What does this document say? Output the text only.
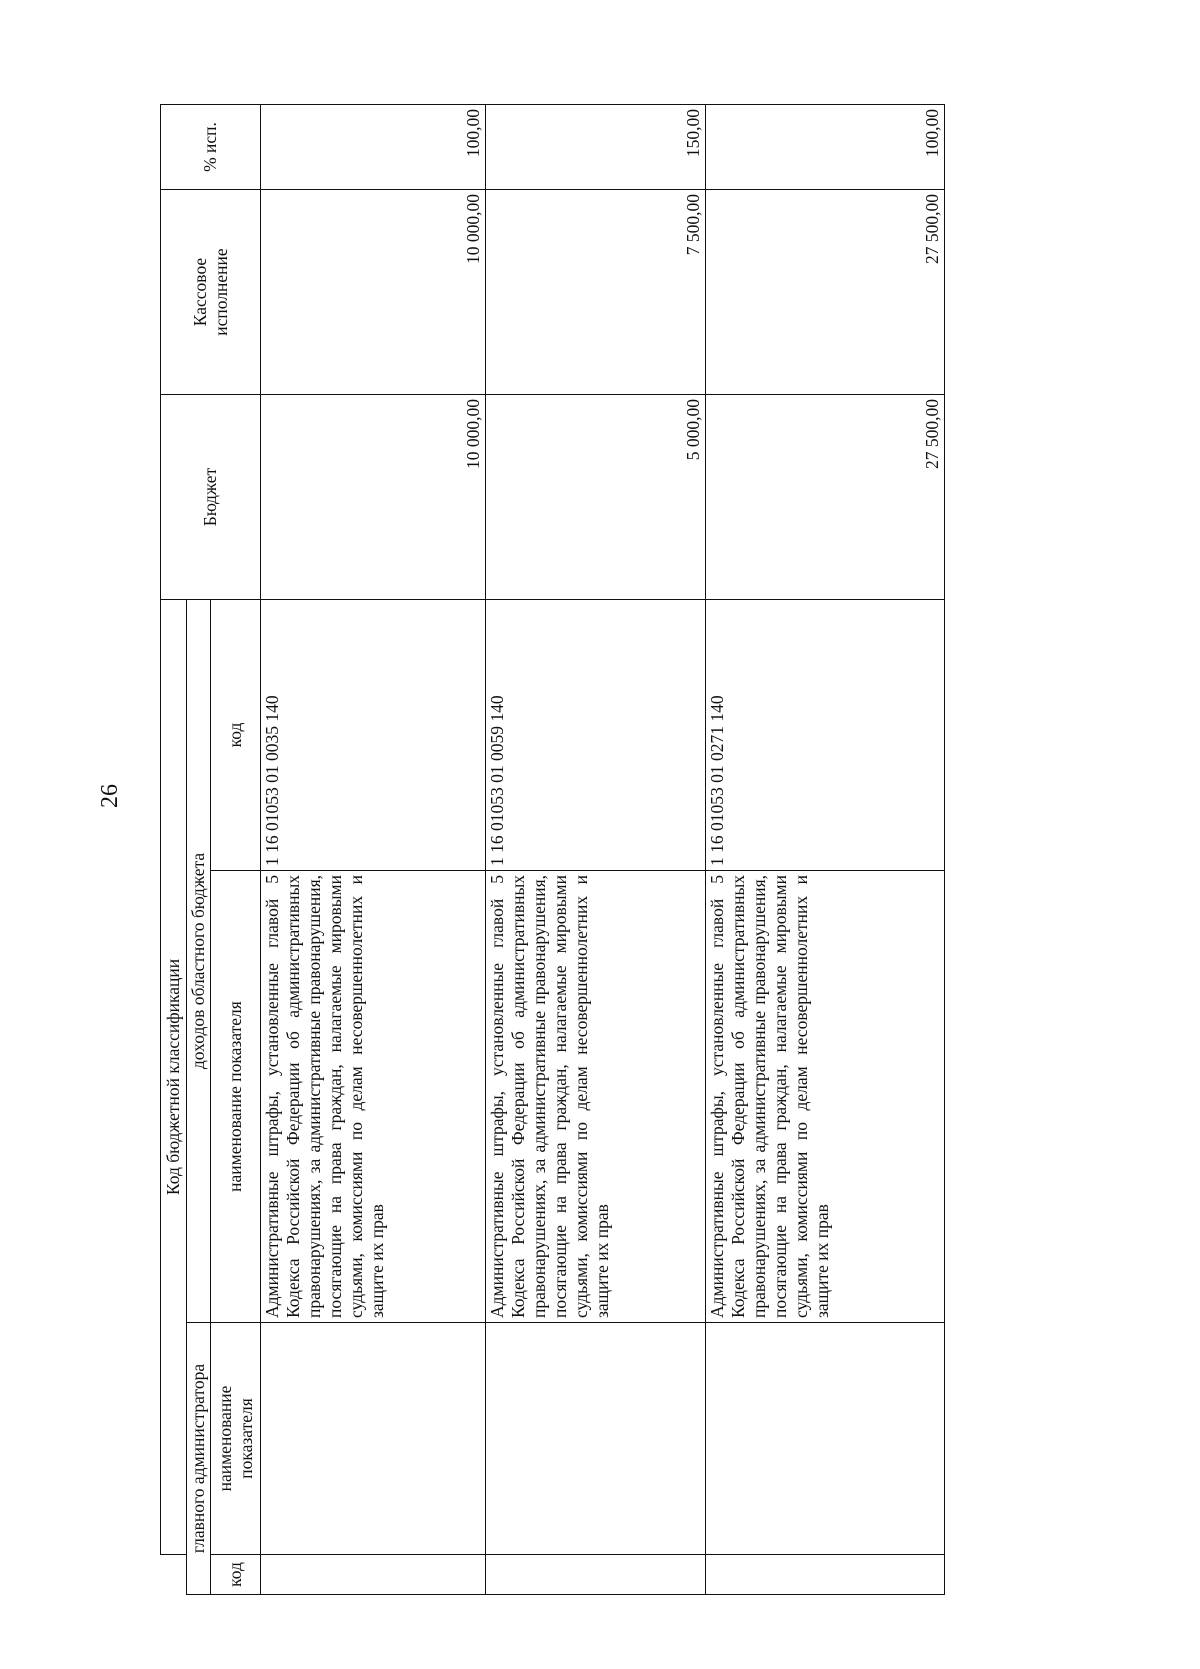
26
	Код бюджетной классификации			Бюджет	Кассовое
исполнение	% исп.
главного администратора		доходов областного бюджета				
код	наименование
показателя	наименование показателя	код			
		Административные штрафы, установленные главой 5 Кодекса Российской Федерации об административных правонарушениях, за административные правонарушения, посягающие на права граждан, налагаемые мировыми судьями, комиссиями по делам несовершеннолетних и защите их прав	1 16 01053 01 0035 140	10 000,00	10 000,00	100,00
		Административные штрафы, установленные главой 5 Кодекса Российской Федерации об административных правонарушениях, за административные правонарушения, посягающие на права граждан, налагаемые мировыми судьями, комиссиями по делам несовершеннолетних и защите их прав	1 16 01053 01 0059 140	5 000,00	7 500,00	150,00
		Административные штрафы, установленные главой 5 Кодекса Российской Федерации об административных правонарушениях, за административные правонарушения, посягающие на права граждан, налагаемые мировыми судьями, комиссиями по делам несовершеннолетних и защите их прав	1 16 01053 01 0271 140	27 500,00	27 500,00	100,00
